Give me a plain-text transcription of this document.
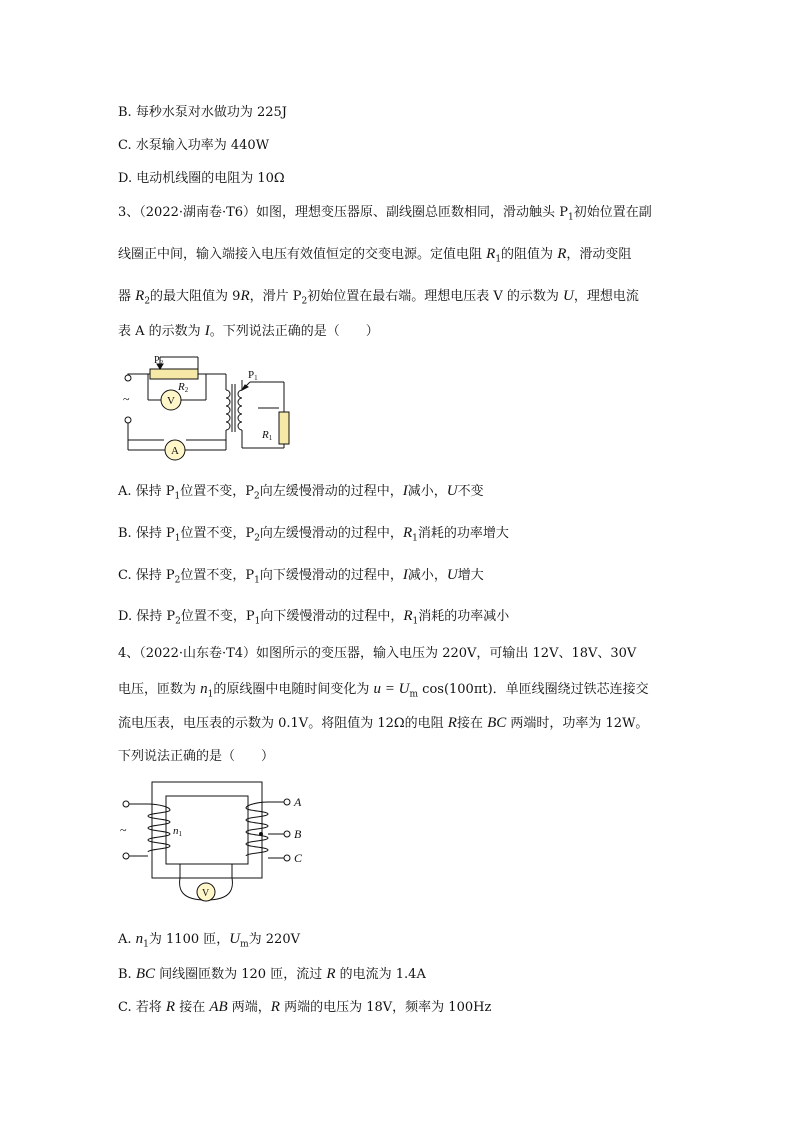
B. 每秒水泵对水做功为 225J
C. 水泵输入功率为 440W
D. 电动机线圈的电阻为 10Ω
3、（2022·湖南卷·T6）如图，理想变压器原、副线圈总匝数相同，滑动触头 $P_1$初始位置在副
线圈正中间，输入端接入电压有效值恒定的交变电源。定值电阻 $R_1$的阻值为 R，滑动变阻
器 $R_2$的最大阻值为 9R，滑片 $P_2$初始位置在最右端。理想电压表 V 的示数为 U，理想电流
表 A 的示数为 I。下列说法正确的是（　　）
$P_2$
R2
V
A
P1
R1
~
A. 保持 $P_1$位置不变，$P_2$向左缓慢滑动的过程中，I减小，U不变
B. 保持 $P_1$位置不变，$P_2$向左缓慢滑动的过程中，$R_1$消耗的功率增大
C. 保持 $P_2$位置不变，$P_1$向下缓慢滑动的过程中，I减小，U增大
D. 保持 $P_2$位置不变，$P_1$向下缓慢滑动的过程中，$R_1$消耗的功率减小
4、（2022·山东卷·T4）如图所示的变压器，输入电压为 220V，可输出 12V、18V、30V
电压，匝数为 $n_1$的原线圈中电随时间变化为 $u = U_m$ cos(100πt)．单匝线圈绕过铁芯连接交
流电压表，电压表的示数为 0.1V。将阻值为 12Ω的电阻 R接在 BC 两端时，功率为 12W。
下列说法正确的是（　　）
A
B
C
n1
V
~
A. $n_1$为 1100 匝，$U_m$为 220V
B. BC 间线圈匝数为 120 匝，流过 R 的电流为 1.4A
C. 若将 R 接在 AB 两端，R 两端的电压为 18V，频率为 100Hz
